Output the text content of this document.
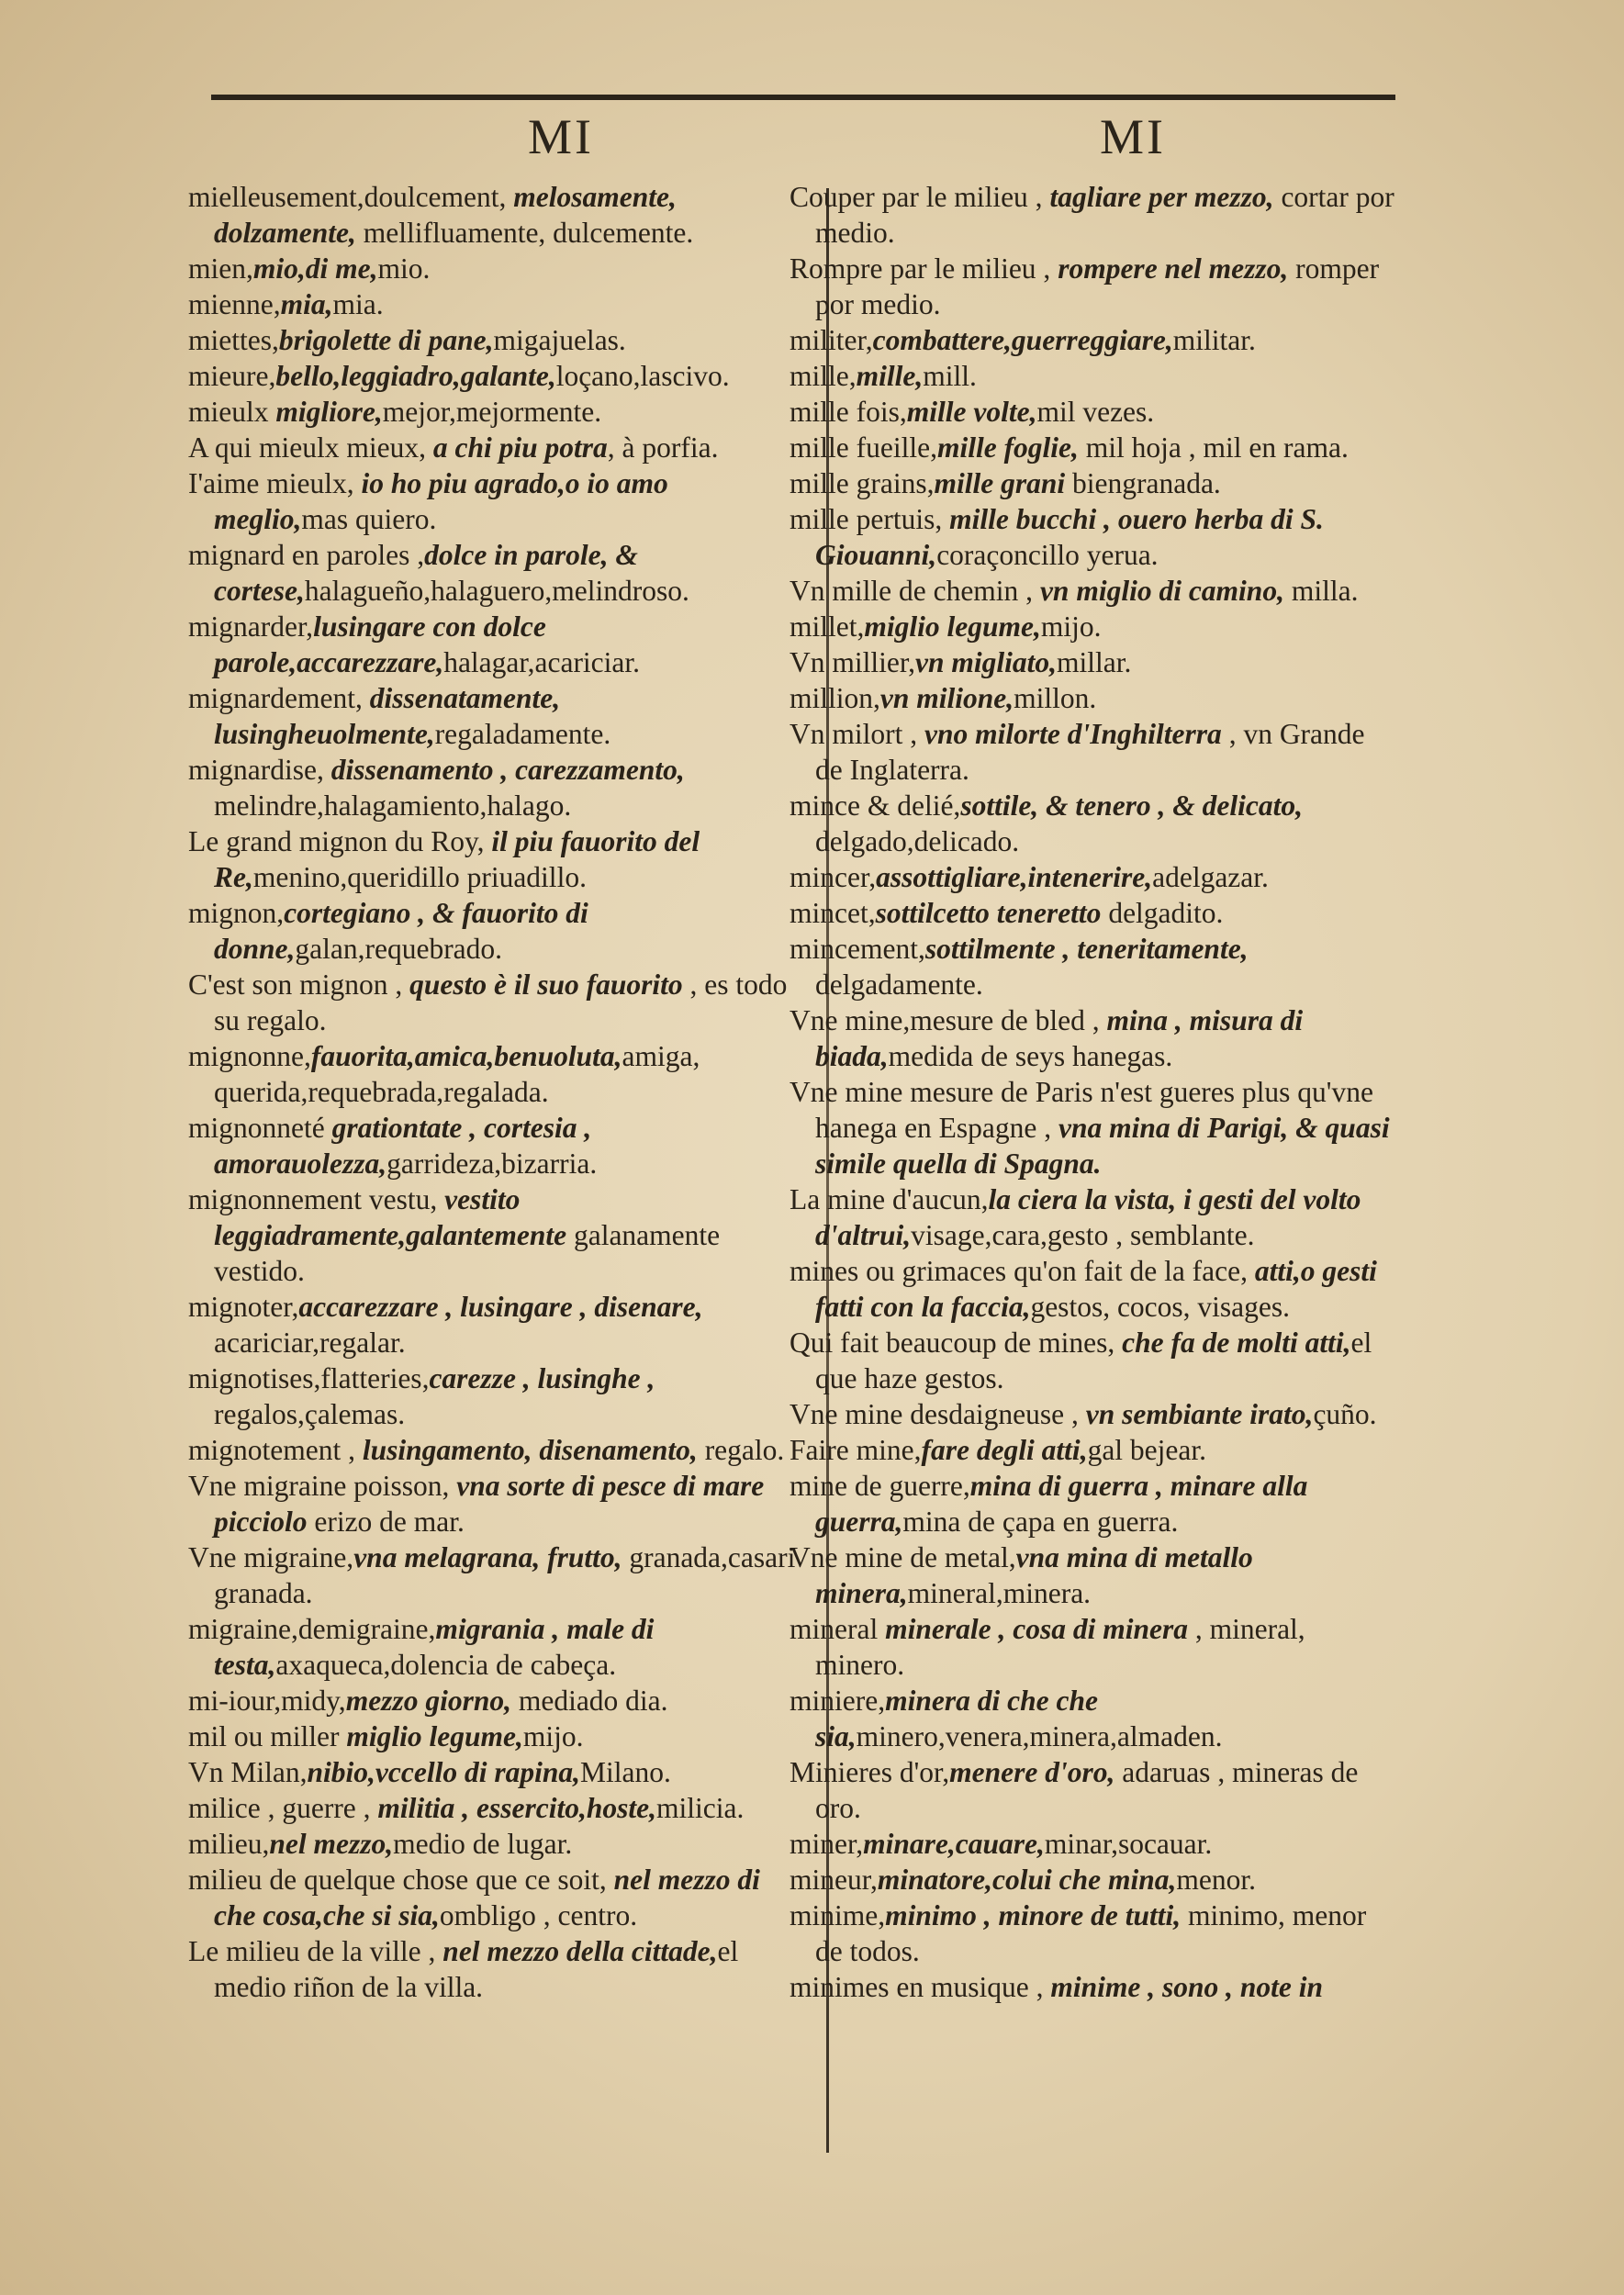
MI	MI

mielleusement,doulcement, melosamente, dolzamente, mellifluamente, dulcemente.

mien,mio,di me,mio.

mienne,mia,mia.

miettes,brigolette di pane,migajuelas.

mieure,bello,leggiadro,galante,loçano,lascivo.

mieulx migliore,mejor,mejormente.

A qui mieulx mieux, a chi piu potra, à porfia.

I'aime mieulx, io ho piu agrado,o io amo meglio,mas quiero.

mignard en paroles ,dolce in parole, & cortese,halagueño,halaguero,melindroso.

mignarder,lusingare con dolce parole,accarezzare,halagar,acariciar.

mignardement, dissenatamente, lusingheuolmente,regaladamente.

mignardise, dissenamento , carezzamento, melindre,halagamiento,halago.

Le grand mignon du Roy, il piu fauorito del Re,menino,queridillo priuadillo.

mignon,cortegiano , & fauorito di donne,galan,requebrado.

C'est son mignon , questo è il suo fauorito , es todo su regalo.

mignonne,fauorita,amica,benuoluta,amiga, querida,requebrada,regalada.

mignonneté grationtate , cortesia , amorauolezza,garrideza,bizarria.

mignonnement vestu, vestito leggiadramente,galantemente galanamente vestido.

mignoter,accarezzare , lusingare , disenare, acariciar,regalar.

mignotises,flatteries,carezze , lusinghe , regalos,çalemas.

mignotement , lusingamento, disenamento, regalo.

Vne migraine poisson, vna sorte di pesce di mare picciolo erizo de mar.

Vne migraine,vna melagrana, frutto, granada,casari granada.

migraine,demigraine,migrania , male di testa,axaqueca,dolencia de cabeça.

mi-iour,midy,mezzo giorno, mediado dia.

mil ou miller miglio legume,mijo.

Vn Milan,nibio,vccello di rapina,Milano.

milice , guerre , militia , essercito,hoste,milicia.

milieu,nel mezzo,medio de lugar.

milieu de quelque chose que ce soit, nel mezzo di che cosa,che si sia,ombligo , centro.

Le milieu de la ville , nel mezzo della cittade,el medio riñon de la villa.

Couper par le milieu , tagliare per mezzo, cortar por medio.

Rompre par le milieu , rompere nel mezzo, romper por medio.

militer,combattere,guerreggiare,militar.

mille,mille,mill.

mille fois,mille volte,mil vezes.

mille fueille,mille foglie, mil hoja , mil en rama.

mille grains,mille grani biengranada.

mille pertuis, mille bucchi , ouero herba di S. Giouanni,coraçoncillo yerua.

Vn mille de chemin , vn miglio di camino, milla.

millet,miglio legume,mijo.

Vn millier,vn migliato,millar.

million,vn milione,millon.

Vn milort , vno milorte d'Inghilterra , vn Grande de Inglaterra.

mince & delié,sottile, & tenero , & delicato, delgado,delicado.

mincer,assottigliare,intenerire,adelgazar.

mincet,sottilcetto teneretto delgadito.

mincement,sottilmente , teneritamente, delgadamente.

Vne mine,mesure de bled , mina , misura di biada,medida de seys hanegas.

Vne mine mesure de Paris n'est gueres plus qu'vne hanega en Espagne , vna mina di Parigi, & quasi simile quella di Spagna.

La mine d'aucun,la ciera la vista, i gesti del volto d'altrui,visage,cara,gesto , semblante.

mines ou grimaces qu'on fait de la face, atti,o gesti fatti con la faccia,gestos, cocos, visages.

Qui fait beaucoup de mines, che fa de molti atti,el que haze gestos.

Vne mine desdaigneuse , vn sembiante irato,çuño.

Faire mine,fare degli atti,gal bejear.

mine de guerre,mina di guerra , minare alla guerra,mina de çapa en guerra.

Vne mine de metal,vna mina di metallo minera,mineral,minera.

mineral minerale , cosa di minera , mineral, minero.

miniere,minera di che che sia,minero,venera,minera,almaden.

Minieres d'or,menere d'oro, adaruas , mineras de oro.

miner,minare,cauare,minar,socauar.

mineur,minatore,colui che mina,menor.

minime,minimo , minore de tutti, minimo, menor de todos.

minimes en musique , minime , sono , note in
